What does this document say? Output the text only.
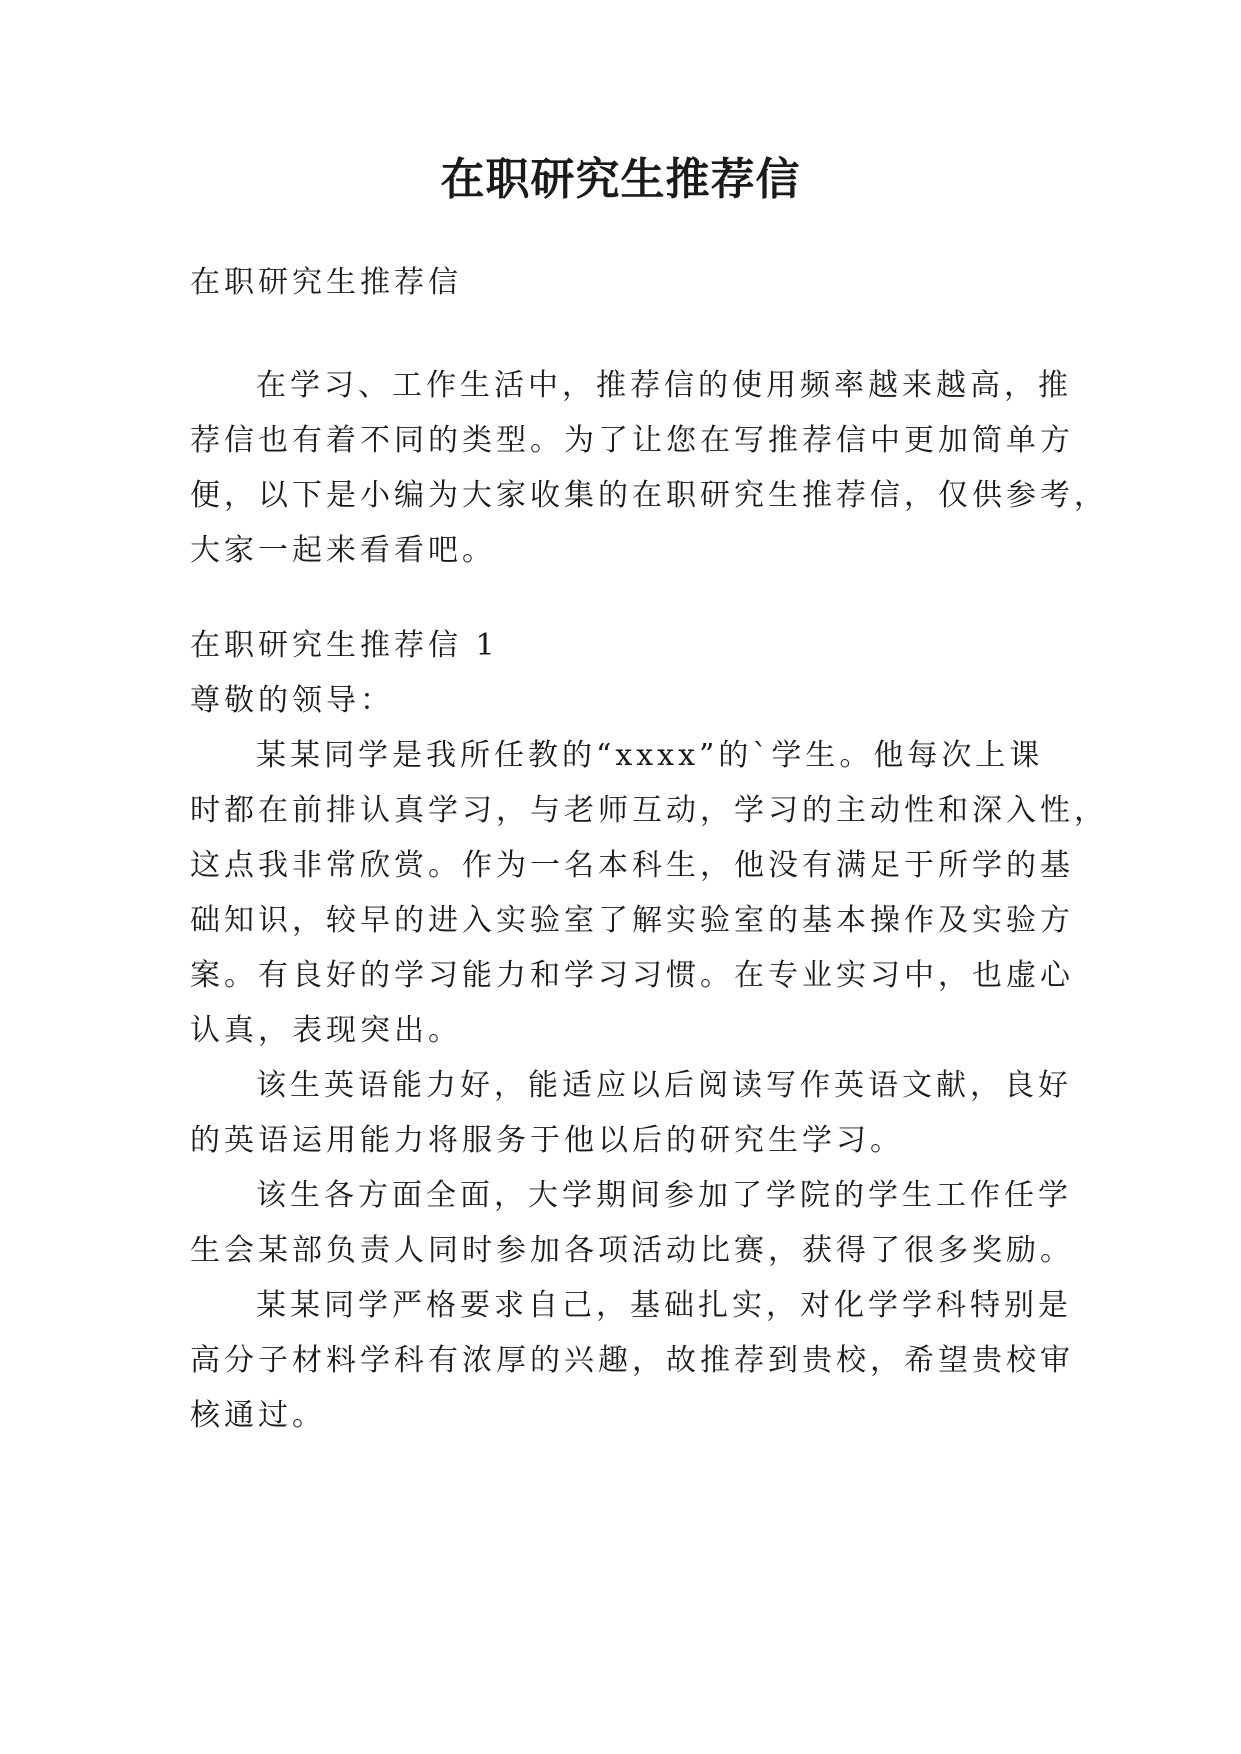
在职研究生推荐信

在职研究生推荐信

在学习、工作生活中，推荐信的使用频率越来越高，推

荐信也有着不同的类型。为了让您在写推荐信中更加简单方

便，以下是小编为大家收集的在职研究生推荐信，仅供参考，

大家一起来看看吧。

在职研究生推荐信 1

尊敬的领导：

某某同学是我所任教的“xxxx”的`学生。他每次上课

时都在前排认真学习，与老师互动，学习的主动性和深入性，

这点我非常欣赏。作为一名本科生，他没有满足于所学的基

础知识，较早的进入实验室了解实验室的基本操作及实验方

案。有良好的学习能力和学习习惯。在专业实习中，也虚心

认真，表现突出。

该生英语能力好，能适应以后阅读写作英语文献，良好

的英语运用能力将服务于他以后的研究生学习。

该生各方面全面，大学期间参加了学院的学生工作任学

生会某部负责人同时参加各项活动比赛，获得了很多奖励。

某某同学严格要求自己，基础扎实，对化学学科特别是

高分子材料学科有浓厚的兴趣，故推荐到贵校，希望贵校审

核通过。
